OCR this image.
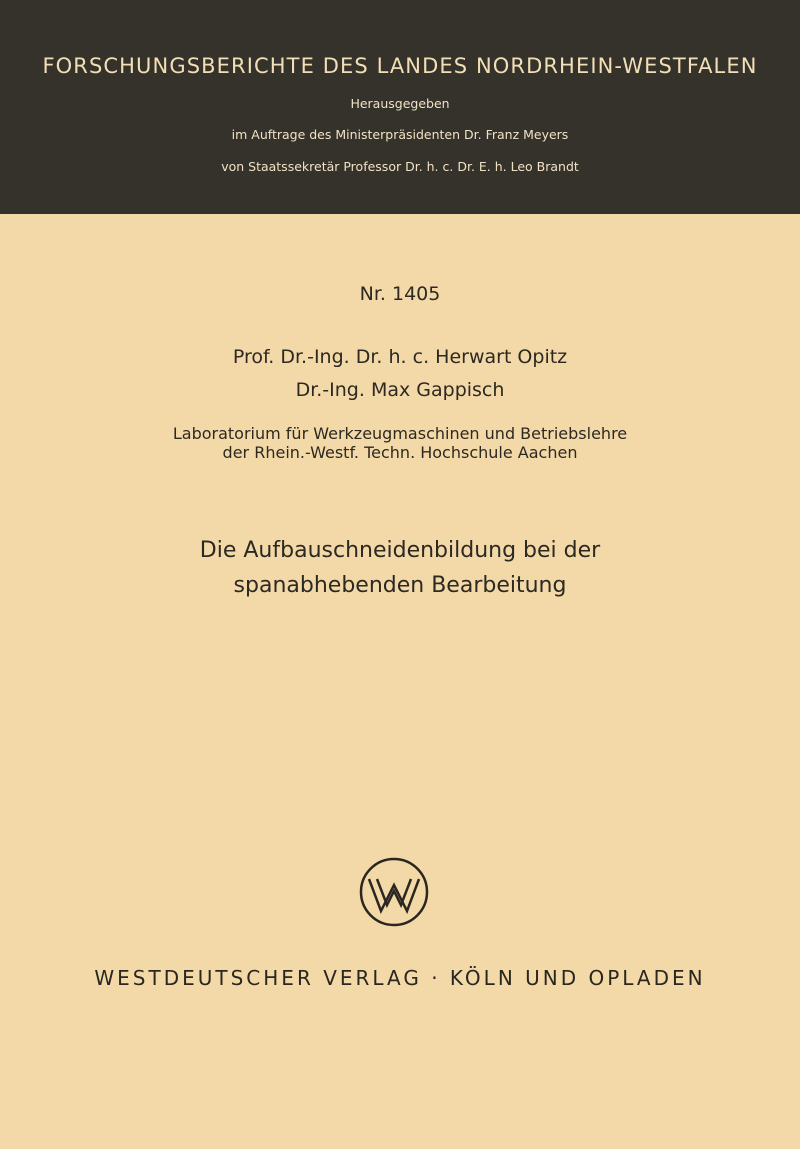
FORSCHUNGSBERICHTE DES LANDES NORDRHEIN-WESTFALEN
Herausgegeben
im Auftrage des Ministerpräsidenten Dr. Franz Meyers
von Staatssekretär Professor Dr. h. c. Dr. E. h. Leo Brandt
Nr. 1405
Prof. Dr.-Ing. Dr. h. c. Herwart Opitz
Dr.-Ing. Max Gappisch
Laboratorium für Werkzeugmaschinen und Betriebslehre
der Rhein.-Westf. Techn. Hochschule Aachen
Die Aufbauschneidenbildung bei der
spanabhebenden Bearbeitung
WESTDEUTSCHER VERLAG · KÖLN UND OPLADEN
